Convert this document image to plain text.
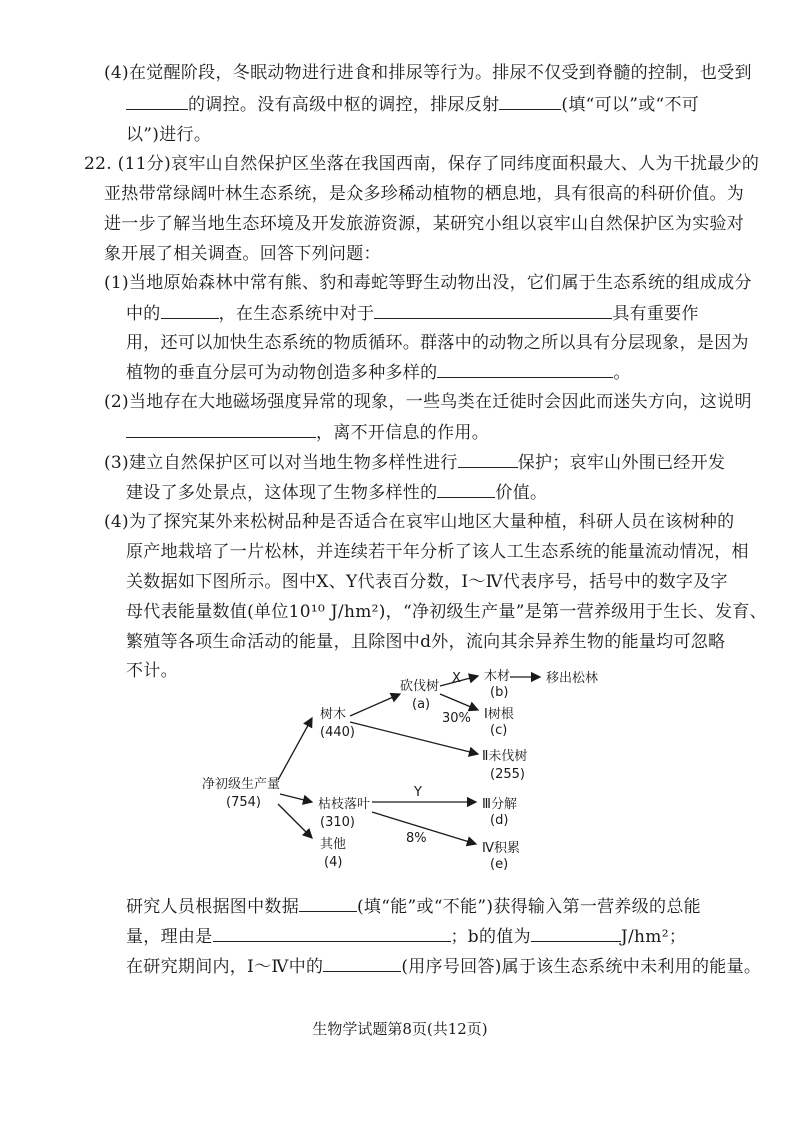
(4)在觉醒阶段，冬眠动物进行进食和排尿等行为。排尿不仅受到脊髓的控制，也受到
的调控。没有高级中枢的调控，排尿反射	(填“可以”或“不可
以”)进行。
22. (11分)哀牢山自然保护区坐落在我国西南，保存了同纬度面积最大、人为干扰最少的
亚热带常绿阔叶林生态系统，是众多珍稀动植物的栖息地，具有很高的科研价值。为
进一步了解当地生态环境及开发旅游资源，某研究小组以哀牢山自然保护区为实验对
象开展了相关调查。回答下列问题：
(1)当地原始森林中常有熊、豹和毒蛇等野生动物出没，它们属于生态系统的组成成分
中的	，在生态系统中对于	具有重要作
用，还可以加快生态系统的物质循环。群落中的动物之所以具有分层现象，是因为
植物的垂直分层可为动物创造多种多样的	。
(2)当地存在大地磁场强度异常的现象，一些鸟类在迁徙时会因此而迷失方向，这说明
，离不开信息的作用。
(3)建立自然保护区可以对当地生物多样性进行	保护；哀牢山外围已经开发
建设了多处景点，这体现了生物多样性的	价值。
(4)为了探究某外来松树品种是否适合在哀牢山地区大量种植，科研人员在该树种的
原产地栽培了一片松林，并连续若干年分析了该人工生态系统的能量流动情况，相
关数据如下图所示。图中X、Y代表百分数，Ⅰ～Ⅳ代表序号，括号中的数字及字
母代表能量数值(单位10¹⁰ J/hm²)，“净初级生产量”是第一营养级用于生长、发育、
繁殖等各项生命活动的能量，且除图中d外，流向其余异养生物的能量均可忽略
不计。
净初级生产量
(754)
树木
(440)
砍伐树
(a)
X
30%
木材
(b)
移出松林
Ⅰ树根
(c)
Ⅱ未伐树
(255)
枯枝落叶
(310)
Y
8%
Ⅲ分解
(d)
Ⅳ积累
(e)
其他
(4)
研究人员根据图中数据	(填“能”或“不能”)获得输入第一营养级的总能
量，理由是	；b的值为	J/hm²；
在研究期间内，Ⅰ～Ⅳ中的	(用序号回答)属于该生态系统中未利用的能量。
生物学试题第8页(共12页)
